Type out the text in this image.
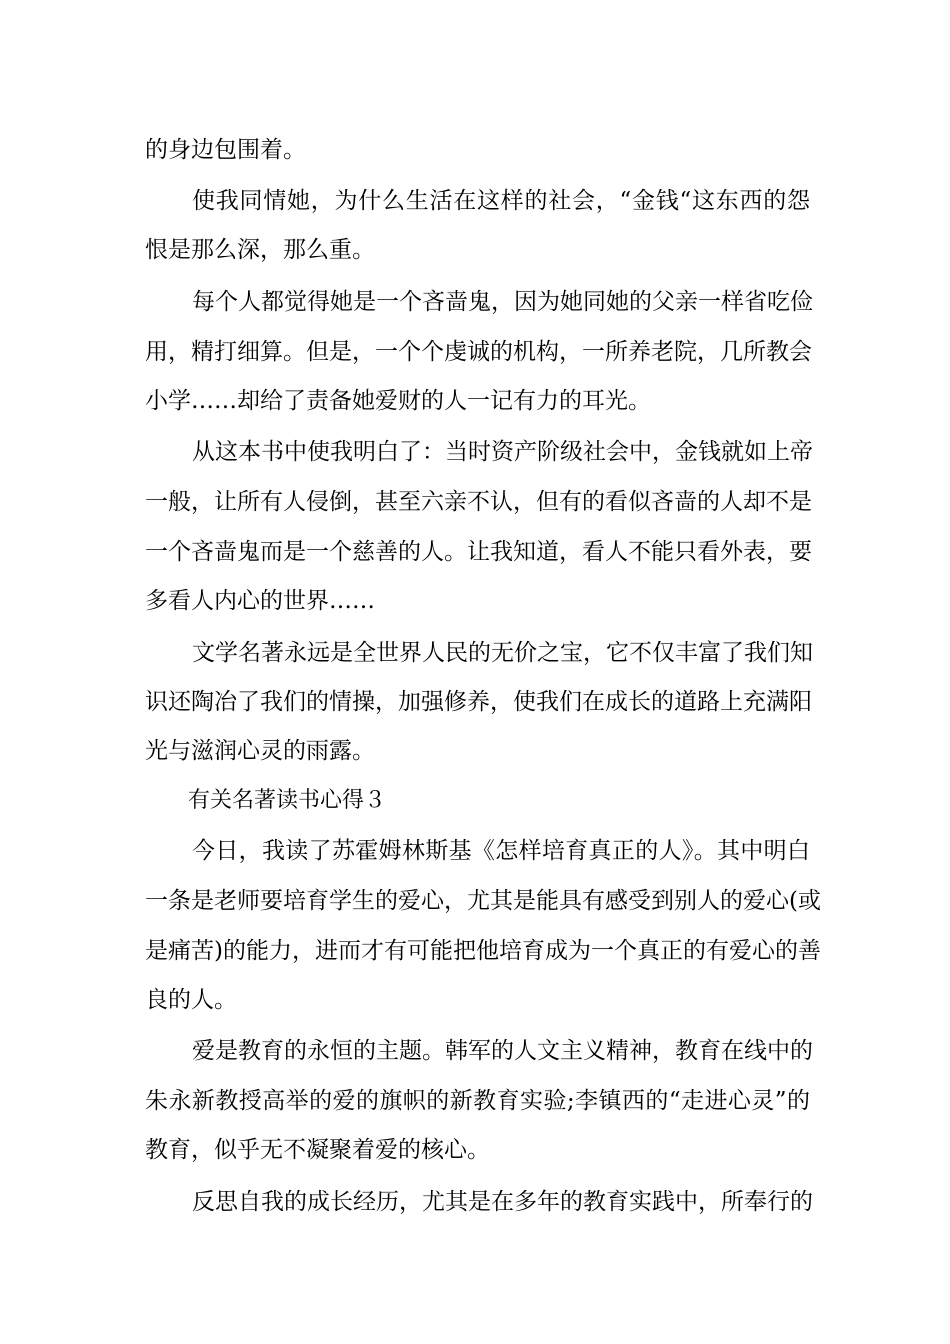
的身边包围着。
使我同情她，为什么生活在这样的社会，“金钱“这东西的怨
恨是那么深，那么重。
每个人都觉得她是一个吝啬鬼，因为她同她的父亲一样省吃俭
用，精打细算。但是，一个个虔诚的机构，一所养老院，几所教会
小学……却给了责备她爱财的人一记有力的耳光。
从这本书中使我明白了：当时资产阶级社会中，金钱就如上帝
一般，让所有人侵倒，甚至六亲不认，但有的看似吝啬的人却不是
一个吝啬鬼而是一个慈善的人。让我知道，看人不能只看外表，要
多看人内心的世界……
文学名著永远是全世界人民的无价之宝，它不仅丰富了我们知
识还陶冶了我们的情操，加强修养，使我们在成长的道路上充满阳
光与滋润心灵的雨露。
有关名著读书心得３
今日，我读了苏霍姆林斯基《怎样培育真正的人》。其中明白
一条是老师要培育学生的爱心，尤其是能具有感受到别人的爱心(或
是痛苦)的能力，进而才有可能把他培育成为一个真正的有爱心的善
良的人。
爱是教育的永恒的主题。韩军的人文主义精神，教育在线中的
朱永新教授高举的爱的旗帜的新教育实验;李镇西的“走进心灵”的
教育，似乎无不凝聚着爱的核心。
反思自我的成长经历，尤其是在多年的教育实践中，所奉行的
